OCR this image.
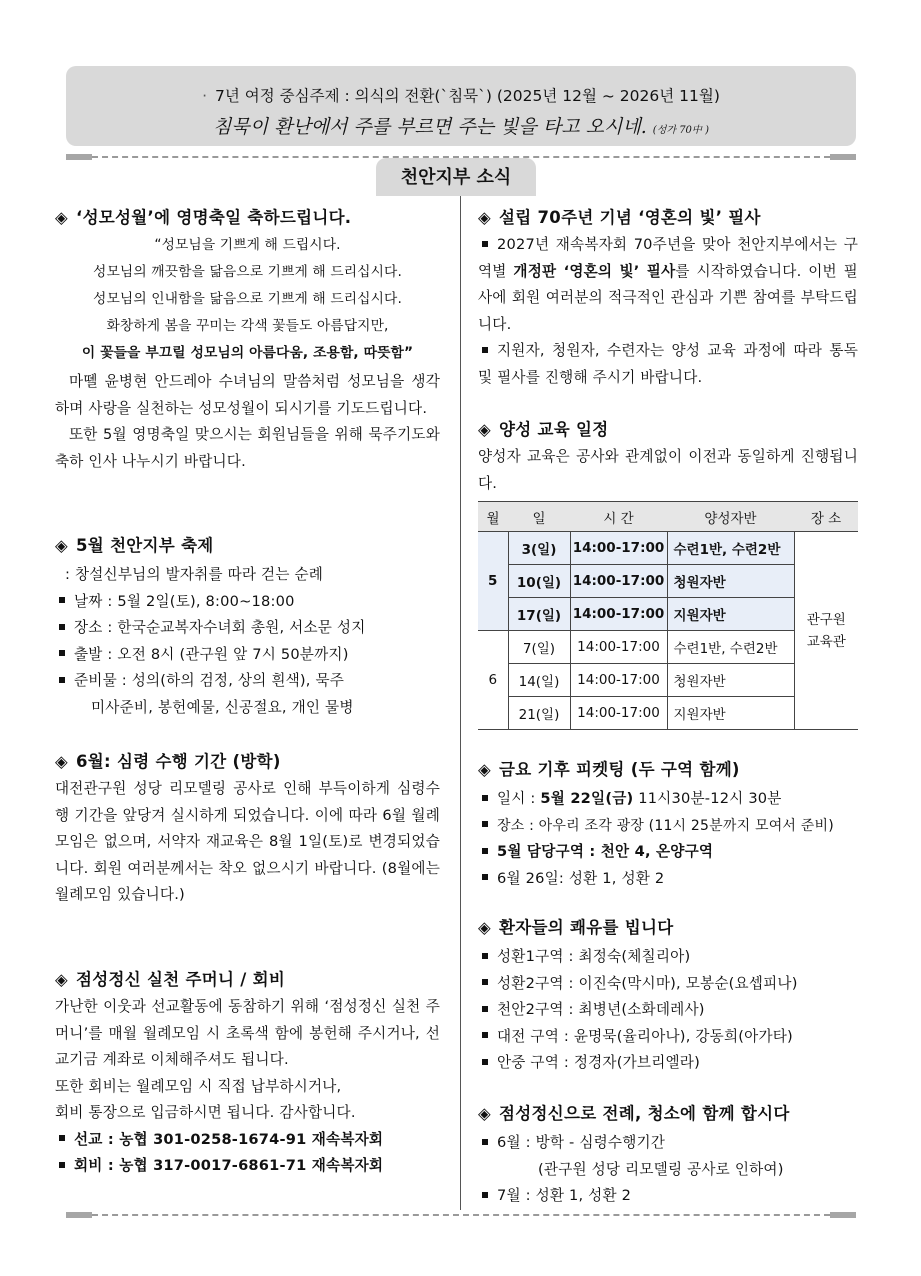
· 7년 여정 중심주제 : 의식의 전환(`침묵`) (2025년 12월 ~ 2026년 11월)
침묵이 환난에서 주를 부르면 주는 빛을 타고 오시네. (성가 70中 )
천안지부 소식
◈ ‘성모성월’에 영명축일 축하드립니다.
“성모님을 기쁘게 해 드립시다.
성모님의 깨끗함을 닮음으로 기쁘게 해 드리십시다.
성모님의 인내함을 닮음으로 기쁘게 해 드리십시다.
화창하게 봄을 꾸미는 각색 꽃들도 아름답지만,
이 꽃들을 부끄릴 성모님의 아름다움, 조용함, 따뜻함”
마뗼 윤병현 안드레아 수녀님의 말씀처럼 성모님을 생각하며 사랑을 실천하는 성모성월이 되시기를 기도드립니다.
또한 5월 영명축일 맞으시는 회원님들을 위해 묵주기도와 축하 인사 나누시기 바랍니다.
◈ 5월 천안지부 축제
: 창설신부님의 발자취를 따라 걷는 순례
날짜 : 5월 2일(토), 8:00~18:00
장소 : 한국순교복자수녀회 총원, 서소문 성지
출발 : 오전 8시 (관구원 앞 7시 50분까지)
준비물 : 성의(하의 검정, 상의 흰색), 묵주
미사준비, 봉헌예물, 신공절요, 개인 물병
◈ 6월: 심령 수행 기간 (방학)
대전관구원 성당 리모델링 공사로 인해 부득이하게 심령수행 기간을 앞당겨 실시하게 되었습니다. 이에 따라 6월 월례모임은 없으며, 서약자 재교육은 8월 1일(토)로 변경되었습니다. 회원 여러분께서는 착오 없으시기 바랍니다. (8월에는 월례모임 있습니다.)
◈ 점성정신 실천 주머니 / 회비
가난한 이웃과 선교활동에 동참하기 위해 ‘점성정신 실천 주머니’를 매월 월례모임 시 초록색 함에 봉헌해 주시거나, 선교기금 계좌로 이체해주셔도 됩니다.
또한 회비는 월례모임 시 직접 납부하시거나,
회비 통장으로 입금하시면 됩니다. 감사합니다.
선교 : 농협 301-0258-1674-91 재속복자회
회비 : 농협 317-0017-6861-71 재속복자회
◈ 설립 70주년 기념 ‘영혼의 빛’ 필사
2027년 재속복자회 70주년을 맞아 천안지부에서는 구역별 개정판 ‘영혼의 빛’ 필사를 시작하였습니다. 이번 필사에 회원 여러분의 적극적인 관심과 기쁜 참여를 부탁드립니다.
지원자, 청원자, 수련자는 양성 교육 과정에 따라 통독 및 필사를 진행해 주시기 바랍니다.
◈ 양성 교육 일정
양성자 교육은 공사와 관계없이 이전과 동일하게 진행됩니다.
월	일	시 간	양성자반	장 소
5	3(일)	14:00-17:00	수련1반, 수련2반	관구원 교육관
	10(일)	14:00-17:00	청원자반	
	17(일)	14:00-17:00	지원자반	
6	7(일)	14:00-17:00	수련1반, 수련2반	
	14(일)	14:00-17:00	청원자반	
	21(일)	14:00-17:00	지원자반	
◈ 금요 기후 피켓팅 (두 구역 함께)
일시 : 5월 22일(금) 11시30분-12시 30분
장소 : 아우리 조각 광장 (11시 25분까지 모여서 준비)
5월 담당구역 : 천안 4, 온양구역
6월 26일: 성환 1, 성환 2
◈ 환자들의 쾌유를 빕니다
성환1구역 : 최정숙(체칠리아)
성환2구역 : 이진숙(막시마), 모봉순(요셉피나)
천안2구역 : 최병년(소화데레사)
대전 구역 : 윤명묵(율리아나), 강동희(아가타)
안중 구역 : 정경자(가브리엘라)
◈ 점성정신으로 전례, 청소에 함께 합시다
6월 : 방학 - 심령수행기간
(관구원 성당 리모델링 공사로 인하여)
7월 : 성환 1, 성환 2
